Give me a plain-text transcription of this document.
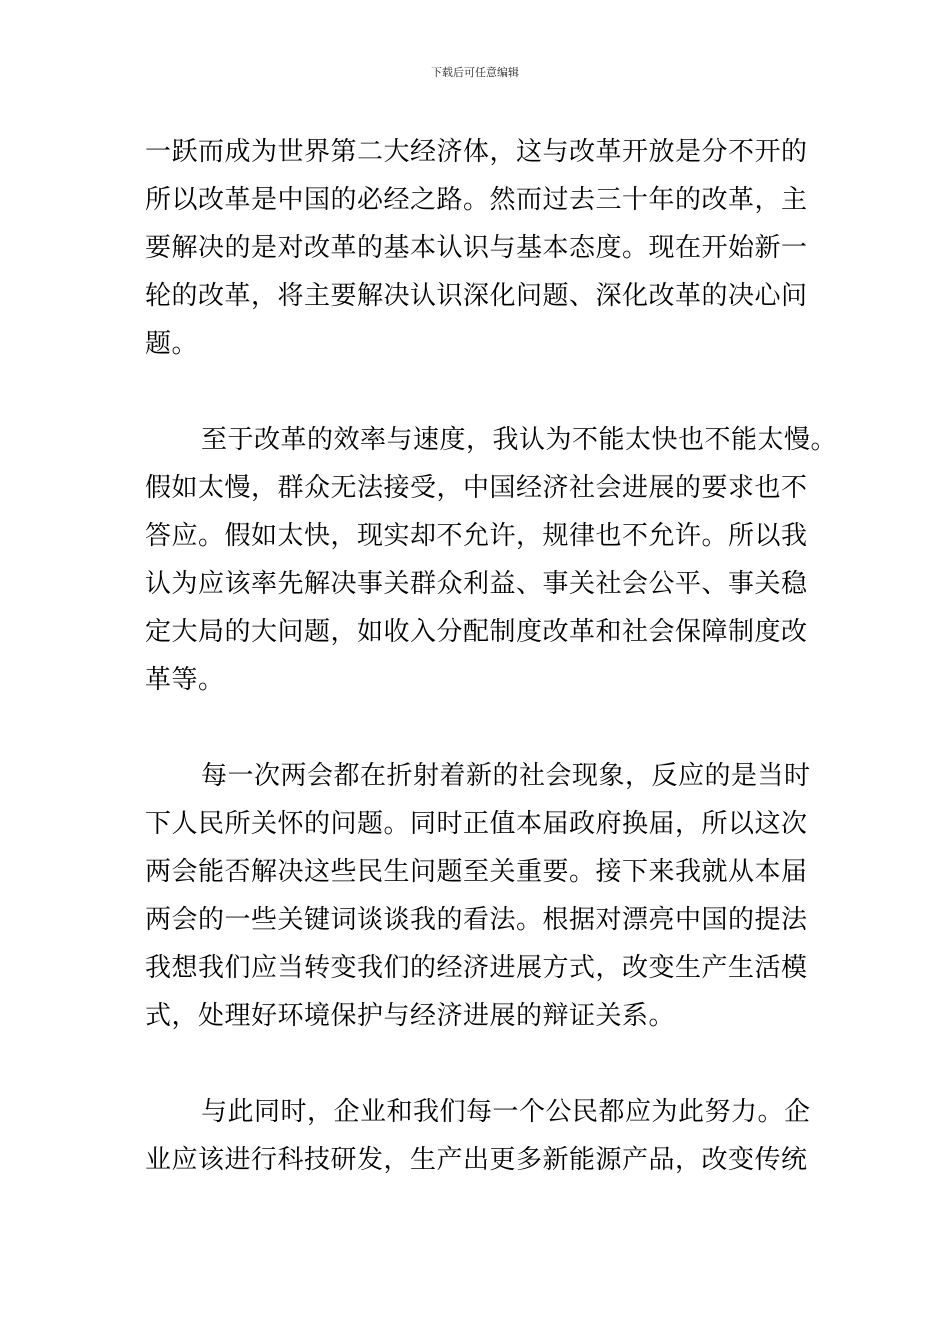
下载后可任意编辑
一跃而成为世界第二大经济体，这与改革开放是分不开的
所以改革是中国的必经之路。然而过去三十年的改革，主
要解决的是对改革的基本认识与基本态度。现在开始新一
轮的改革，将主要解决认识深化问题、深化改革的决心问
题。
至于改革的效率与速度，我认为不能太快也不能太慢。
假如太慢，群众无法接受，中国经济社会进展的要求也不
答应。假如太快，现实却不允许，规律也不允许。所以我
认为应该率先解决事关群众利益、事关社会公平、事关稳
定大局的大问题，如收入分配制度改革和社会保障制度改
革等。
每一次两会都在折射着新的社会现象，反应的是当时
下人民所关怀的问题。同时正值本届政府换届，所以这次
两会能否解决这些民生问题至关重要。接下来我就从本届
两会的一些关键词谈谈我的看法。根据对漂亮中国的提法
我想我们应当转变我们的经济进展方式，改变生产生活模
式，处理好环境保护与经济进展的辩证关系。
与此同时，企业和我们每一个公民都应为此努力。企
业应该进行科技研发，生产出更多新能源产品，改变传统
